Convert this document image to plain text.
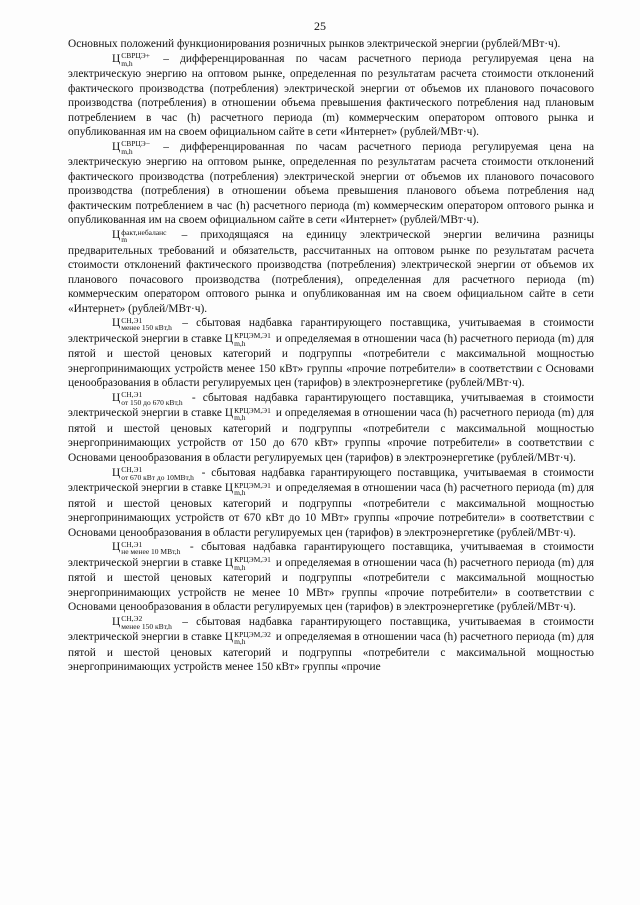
25

Основных положений функционирования розничных рынков электрической энергии (рублей/МВт·ч).

Ц СВРЦЭ+
m,h	– дифференцированная по часам расчетного периода регулируемая цена на электрическую энергию на оптовом рынке, определенная по результатам расчета стоимости отклонений фактического производства (потребления) электрической энергии от объемов их планового почасового производства (потребления) в отношении объема превышения фактического потребления над плановым потреблением в час (h) расчетного периода (m) коммерческим оператором оптового рынка и опубликованная им на своем официальном сайте в сети «Интернет» (рублей/МВт·ч).

Ц СВРЦЭ−
m,h	– дифференцированная по часам расчетного периода регулируемая цена на электрическую энергию на оптовом рынке, определенная по результатам расчета стоимости отклонений фактического производства (потребления) электрической энергии от объемов их планового почасового производства (потребления) в отношении объема превышения планового объема потребления над фактическим потреблением в час (h) расчетного периода (m) коммерческим оператором оптового рынка и опубликованная им на своем официальном сайте в сети «Интернет» (рублей/МВт·ч).

Ц факт,небаланс
m	– приходящаяся на единицу электрической энергии величина разницы предварительных требований и обязательств, рассчитанных на оптовом рынке по результатам расчета стоимости отклонений фактического производства (потребления) электрической энергии от объемов их планового почасового производства (потребления), определенная для расчетного периода (m) коммерческим оператором оптового рынка и опубликованная им на своем официальном сайте в сети «Интернет» (рублей/МВт·ч).

Ц СН,Э1
менее 150 кВт,h – сбытовая надбавка гарантирующего поставщика, учитываемая в стоимости электрической энергии в ставке Ц КРЦЭМ,Э1
m,h	и определяемая в отношении часа (h) расчетного периода (m) для пятой и шестой ценовых категорий и подгруппы «потребители с максимальной мощностью энергопринимающих устройств менее 150 кВт» группы «прочие потребители» в соответствии с Основами ценообразования в области регулируемых цен (тарифов) в электроэнергетике (рублей/МВт·ч).

Ц СН,Э1
от 150 до 670 кВт,h - сбытовая надбавка гарантирующего поставщика, учитываемая в стоимости электрической энергии в ставке Ц КРЦЭМ,Э1
m,h	и определяемая в отношении часа (h) расчетного периода (m) для пятой и шестой ценовых категорий и подгруппы «потребители с максимальной мощностью энергопринимающих устройств от 150 до 670 кВт» группы «прочие потребители» в соответствии с Основами ценообразования в области регулируемых цен (тарифов) в электроэнергетике (рублей/МВт·ч).

Ц СН,Э1
от 670 кВт до 10МВт,h - сбытовая надбавка гарантирующего поставщика, учитываемая в стоимости электрической энергии в ставке Ц КРЦЭМ,Э1
m,h	и определяемая в отношении часа (h) расчетного периода (m) для пятой и шестой ценовых категорий и подгруппы «потребители с максимальной мощностью энергопринимающих устройств от 670 кВт до 10 МВт» группы «прочие потребители» в соответствии с Основами ценообразования в области регулируемых цен (тарифов) в электроэнергетике (рублей/МВт·ч).

Ц СН,Э1
не менее 10 МВт,h - сбытовая надбавка гарантирующего поставщика, учитываемая в стоимости электрической энергии в ставке Ц КРЦЭМ,Э1
m,h	и определяемая в отношении часа (h) расчетного периода (m) для пятой и шестой ценовых категорий и подгруппы «потребители с максимальной мощностью энергопринимающих устройств не менее 10 МВт» группы «прочие потребители» в соответствии с Основами ценообразования в области регулируемых цен (тарифов) в электроэнергетике (рублей/МВт·ч).

Ц СН,Э2
менее 150 кВт,h – сбытовая надбавка гарантирующего поставщика, учитываемая в стоимости электрической энергии в ставке Ц КРЦЭМ,Э2
m,h	и определяемая в отношении часа (h) расчетного периода (m) для пятой и шестой ценовых категорий и подгруппы «потребители с максимальной мощностью энергопринимающих устройств менее 150 кВт» группы «прочие
